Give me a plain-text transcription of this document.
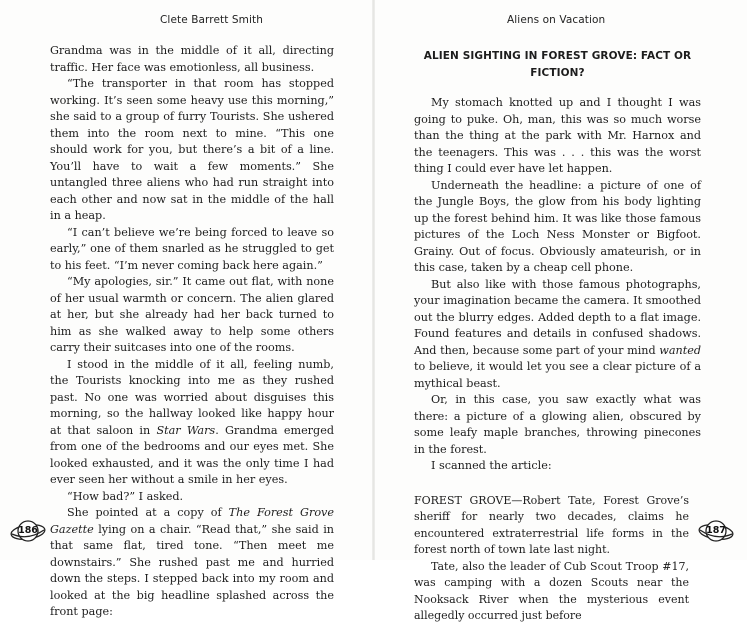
Clete Barrett Smith

Grandma was in the middle of it all, directing traffic. Her face was emotionless, all business.

“The transporter in that room has stopped working. It’s seen some heavy use this morning,” she said to a group of furry Tourists. She ushered them into the room next to mine. “This one should work for you, but there’s a bit of a line. You’ll have to wait a few moments.” She untangled three aliens who had run straight into each other and now sat in the middle of the hall in a heap.

“I can’t believe we’re being forced to leave so early,” one of them snarled as he struggled to get to his feet. “I’m never coming back here again.”

“My apologies, sir.” It came out flat, with none of her usual warmth or concern. The alien glared at her, but she already had her back turned to him as she walked away to help some others carry their suitcases into one of the rooms.

I stood in the middle of it all, feeling numb, the Tourists knocking into me as they rushed past. No one was worried about disguises this morning, so the hallway looked like happy hour at that saloon in Star Wars. Grandma emerged from one of the bedrooms and our eyes met. She looked exhausted, and it was the only time I had ever seen her without a smile in her eyes.

“How bad?” I asked.

She pointed at a copy of The Forest Grove Gazette lying on a chair. “Read that,” she said in that same flat, tired tone. “Then meet me downstairs.” She rushed past me and hurried down the steps. I stepped back into my room and looked at the big headline splashed across the front page:

186
Aliens on Vacation
ALIEN SIGHTING IN FOREST GROVE: FACT OR FICTION?

My stomach knotted up and I thought I was going to puke. Oh, man, this was so much worse than the thing at the park with Mr. Harnox and the teenagers. This was . . . this was the worst thing I could ever have let happen.

Underneath the headline: a picture of one of the Jungle Boys, the glow from his body lighting up the forest behind him. It was like those famous pictures of the Loch Ness Monster or Bigfoot. Grainy. Out of focus. Obviously amateurish, or in this case, taken by a cheap cell phone.

But also like with those famous photographs, your imagination became the camera. It smoothed out the blurry edges. Added depth to a flat image. Found features and details in confused shadows. And then, because some part of your mind wanted to believe, it would let you see a clear picture of a mythical beast.

Or, in this case, you saw exactly what was there: a picture of a glowing alien, obscured by some leafy maple branches, throwing pinecones in the forest.

I scanned the article:

FOREST GROVE—Robert Tate, Forest Grove’s sheriff for nearly two decades, claims he encountered extraterrestrial life forms in the forest north of town late last night.

Tate, also the leader of Cub Scout Troop #17, was camping with a dozen Scouts near the Nooksack River when the mysterious event allegedly occurred just before

187
